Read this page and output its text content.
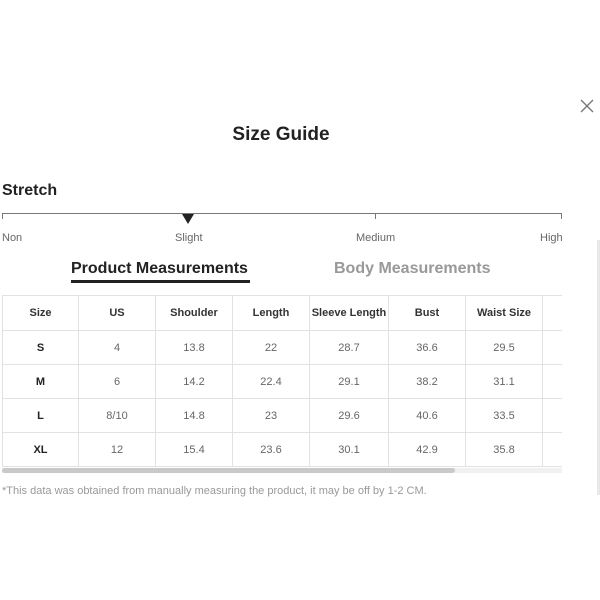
Size Guide
Stretch
Non	Slight	Medium	High
Product Measurements	Body Measurements
Size	US	Shoulder	Length	Sleeve Length	Bust	Waist Size	
S	4	13.8	22	28.7	36.6	29.5	
M	6	14.2	22.4	29.1	38.2	31.1	
L	8/10	14.8	23	29.6	40.6	33.5	
XL	12	15.4	23.6	30.1	42.9	35.8	
*This data was obtained from manually measuring the product, it may be off by 1-2 CM.
